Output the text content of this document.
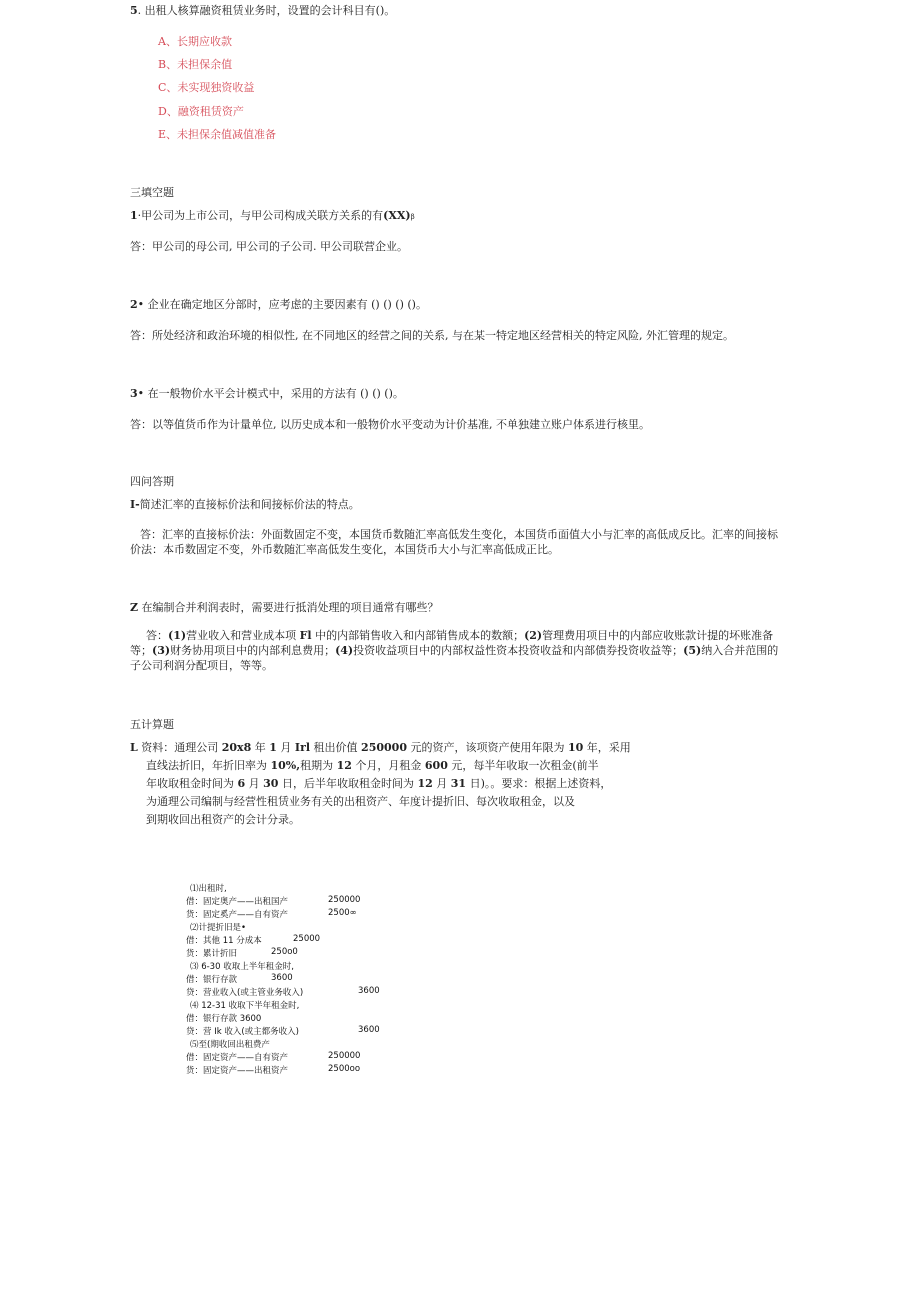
5. 出租人核算融资租赁业务时，设置的会计科目有()。
A、长期应收款
B、未担保余值
C、未实现独资收益
D、融资租赁资产
E、未担保余值减值准备
三填空题
1·甲公司为上市公司，与甲公司构成关联方关系的有(XX)β
答：甲公司的母公司, 甲公司的子公司. 甲公司联营企业。
2• 企业在确定地区分部时，应考虑的主要因素有 () () () ()。
答：所处经济和政治环境的相似性, 在不同地区的经营之间的关系, 与在某一特定地区经营相关的特定风险, 外汇管理的规定。
3• 在一般物价水平会计模式中，采用的方法有 () () ()。
答：以等值货币作为计量单位, 以历史成本和一般物价水平变动为计价基准, 不单独建立账户体系进行核里。
四问答期
I-简述汇率的直接标价法和间接标价法的特点。
答：汇率的直接标价法：外面数固定不变，本国货币数随汇率高低发生变化，本国货币面值大小与汇率的高低成反比。汇率的间接标价法：本币数固定不变，外币数随汇率高低发生变化，本国货币大小与汇率高低成正比。
Z 在编制合并利润表时，需要进行抵消处理的项目通常有哪些？
答：(1)营业收入和营业成本项 Fl 中的内部销售收入和内部销售成本的数额；(2)管理费用项目中的内部应收账款计提的坏账准备等；(3)财务协用项目中的内部利息费用；(4)投资收益项目中的内部权益性资本投资收益和内部债券投资收益等；(5)纳入合并范围的子公司利润分配项目，等等。
五计算题
L 资料：通理公司 20x8 年 1 月 Irl 租出价值 250000 元的资产，该项资产使用年限为 10 年，采用
直线法折旧，年折旧率为 10%,租期为 12 个月，月租金 600 元，每半年收取一次租金(前半
年收取租金时间为 6 月 30 日，后半年收取租金时间为 12 月 31 日)。。要求：根据上述资料，
为通理公司编制与经营性租赁业务有关的出租资产、年度计提折旧、每次收取租金，以及
到期收回出租资产的会计分录。
⑴出租时,
借：固定奥产——出租国产	250000
货：固定奚产——自有资产	2500∞
⑵计提折旧是•
借：其他 11 分成本	25000
货：累计折旧	250o0
⑶ 6-30 收取上半年租金时,
借：银行存款	3600
贷：营业收入(或主管业务收入)	3600
⑷ 12-31 收取下半年租金时,
借：银行存款 3600
贷：营 Ik 收入(或主都务收入)	3600
⑸至(期收回出租费产
借：固定资产——自有资产	250000
货：固定资产——出租资产	2500oo
